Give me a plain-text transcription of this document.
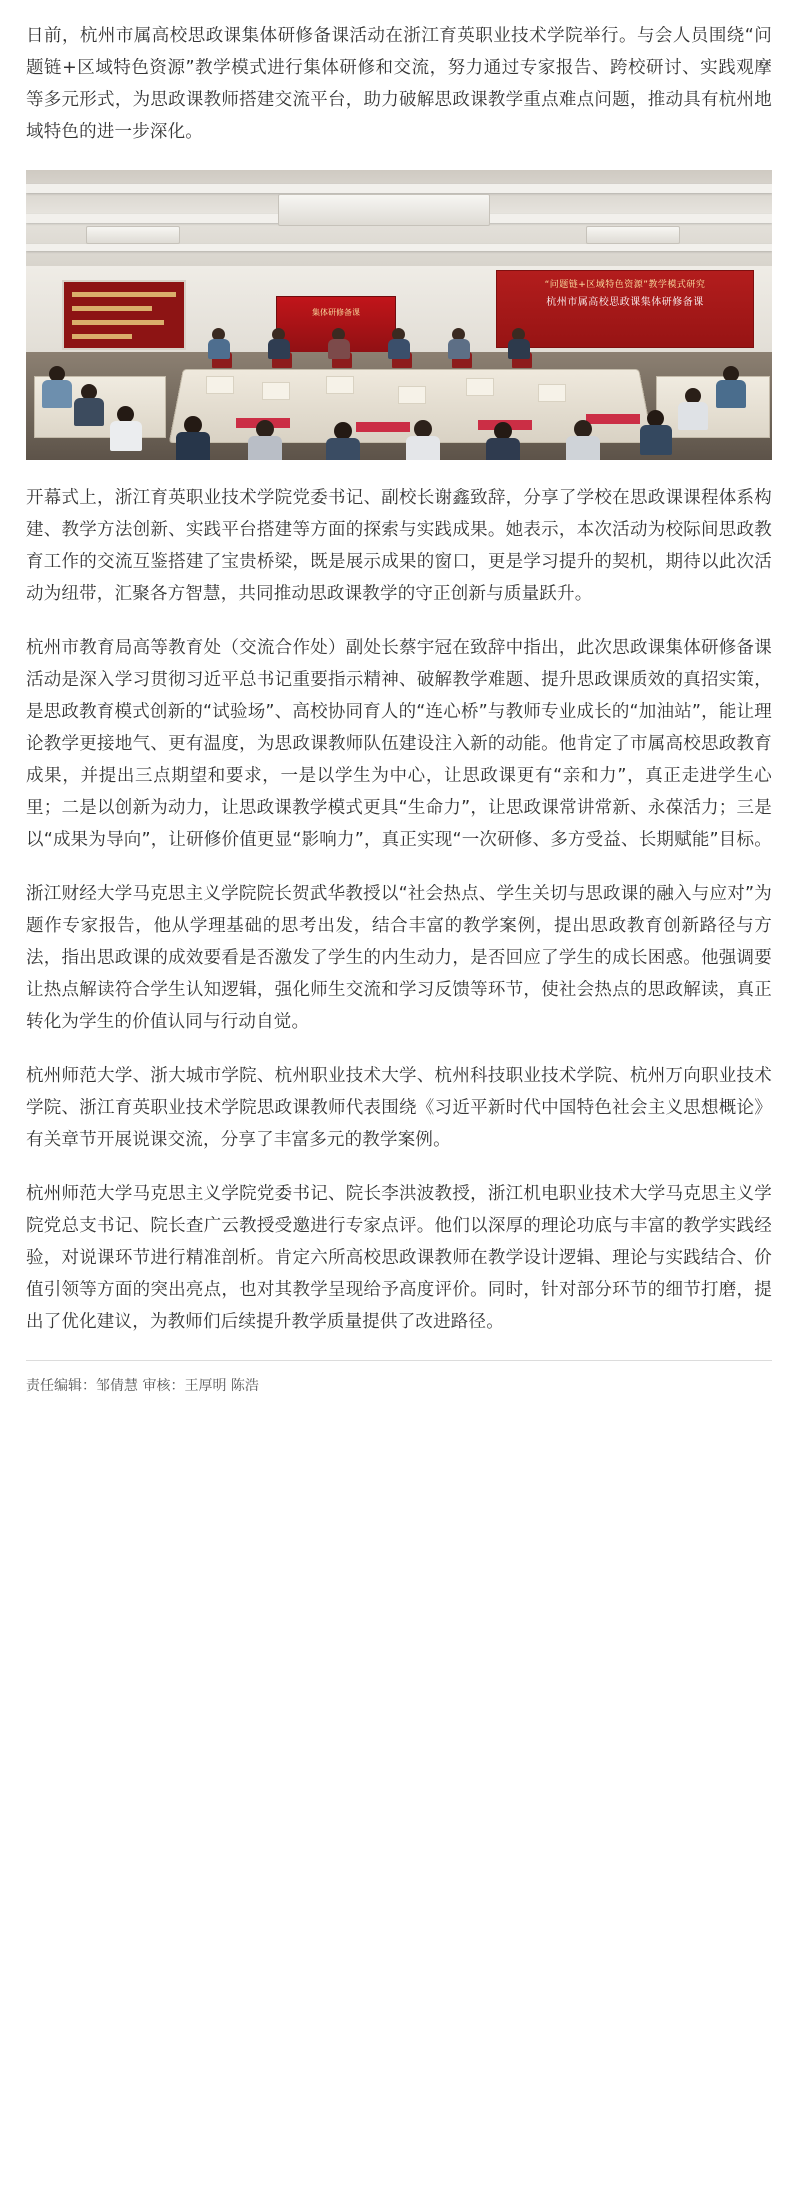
日前，杭州市属高校思政课集体研修备课活动在浙江育英职业技术学院举行。与会人员围绕“问题链+区域特色资源”教学模式进行集体研修和交流，努力通过专家报告、跨校研讨、实践观摩等多元形式，为思政课教师搭建交流平台，助力破解思政课教学重点难点问题，推动具有杭州地域特色的进一步深化。

集体研修备课
“问题链+区域特色资源”教学模式研究
杭州市属高校思政课集体研修备课

开幕式上，浙江育英职业技术学院党委书记、副校长谢鑫致辞，分享了学校在思政课课程体系构建、教学方法创新、实践平台搭建等方面的探索与实践成果。她表示，本次活动为校际间思政教育工作的交流互鉴搭建了宝贵桥梁，既是展示成果的窗口，更是学习提升的契机，期待以此次活动为纽带，汇聚各方智慧，共同推动思政课教学的守正创新与质量跃升。

杭州市教育局高等教育处（交流合作处）副处长蔡宇冠在致辞中指出，此次思政课集体研修备课活动是深入学习贯彻习近平总书记重要指示精神、破解教学难题、提升思政课质效的真招实策，是思政教育模式创新的“试验场”、高校协同育人的“连心桥”与教师专业成长的“加油站”，能让理论教学更接地气、更有温度，为思政课教师队伍建设注入新的动能。他肯定了市属高校思政教育成果，并提出三点期望和要求，一是以学生为中心，让思政课更有“亲和力”，真正走进学生心里；二是以创新为动力，让思政课教学模式更具“生命力”，让思政课常讲常新、永葆活力；三是以“成果为导向”，让研修价值更显“影响力”，真正实现“一次研修、多方受益、长期赋能”目标。

浙江财经大学马克思主义学院院长贺武华教授以“社会热点、学生关切与思政课的融入与应对”为题作专家报告，他从学理基础的思考出发，结合丰富的教学案例，提出思政教育创新路径与方法，指出思政课的成效要看是否激发了学生的内生动力，是否回应了学生的成长困惑。他强调要让热点解读符合学生认知逻辑，强化师生交流和学习反馈等环节，使社会热点的思政解读，真正转化为学生的价值认同与行动自觉。

杭州师范大学、浙大城市学院、杭州职业技术大学、杭州科技职业技术学院、杭州万向职业技术学院、浙江育英职业技术学院思政课教师代表围绕《习近平新时代中国特色社会主义思想概论》有关章节开展说课交流，分享了丰富多元的教学案例。

杭州师范大学马克思主义学院党委书记、院长李洪波教授，浙江机电职业技术大学马克思主义学院党总支书记、院长查广云教授受邀进行专家点评。他们以深厚的理论功底与丰富的教学实践经验，对说课环节进行精准剖析。肯定六所高校思政课教师在教学设计逻辑、理论与实践结合、价值引领等方面的突出亮点，也对其教学呈现给予高度评价。同时，针对部分环节的细节打磨，提出了优化建议，为教师们后续提升教学质量提供了改进路径。

责任编辑：邹倩慧 审核：王厚明 陈浩
